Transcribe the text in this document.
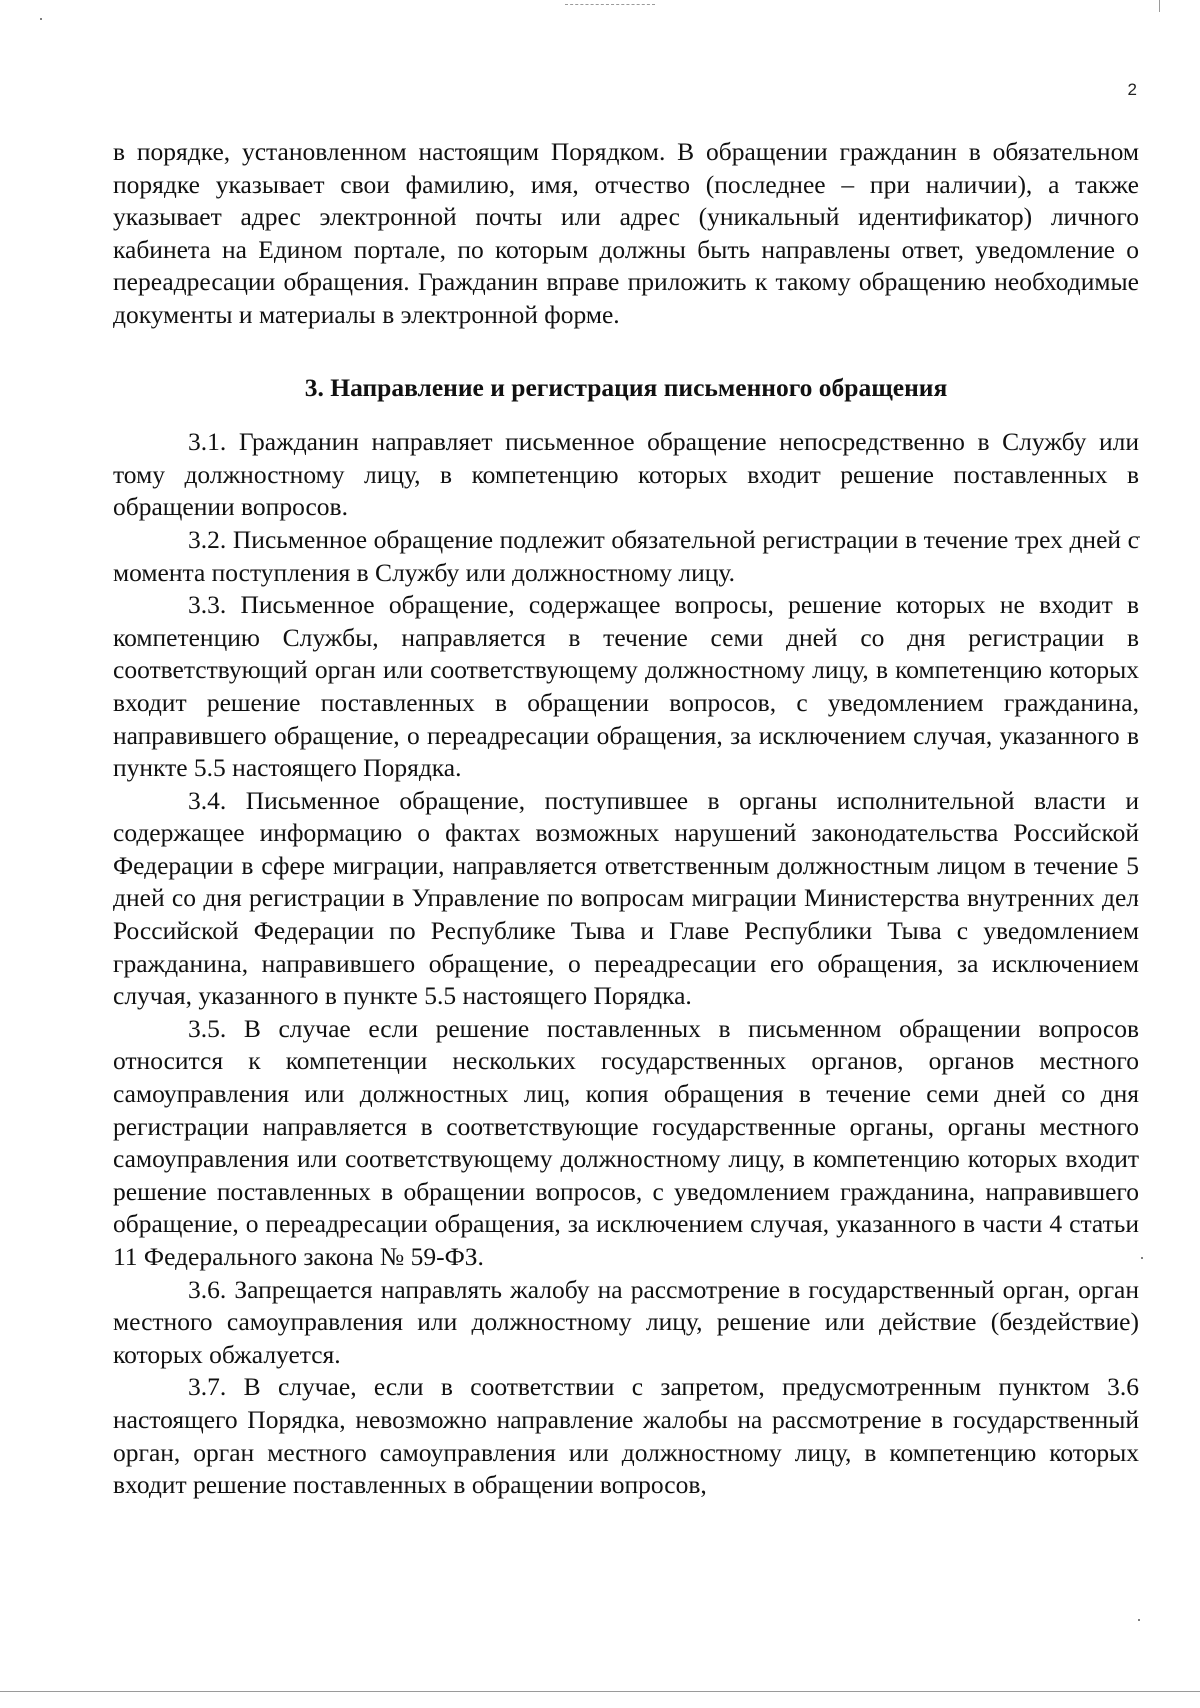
2

в порядке, установленном настоящим Порядком. В обращении гражданин в обязательном порядке указывает свои фамилию, имя, отчество (последнее – при наличии), а также указывает адрес электронной почты или адрес (уникальный идентификатор) личного кабинета на Едином портале, по которым должны быть направлены ответ, уведомление о переадресации обращения. Гражданин вправе приложить к такому обращению необходимые документы и материалы в электронной форме.

3. Направление и регистрация письменного обращения

3.1. Гражданин направляет письменное обращение непосредственно в Службу или тому должностному лицу, в компетенцию которых входит решение поставленных в обращении вопросов.

3.2. Письменное обращение подлежит обязательной регистрации в течение трех дней с момента поступления в Службу или должностному лицу.

3.3. Письменное обращение, содержащее вопросы, решение которых не входит в компетенцию Службы, направляется в течение семи дней со дня регистрации в соответствующий орган или соответствующему должностному лицу, в компетенцию которых входит решение поставленных в обращении вопросов, с уведомлением гражданина, направившего обращение, о переадресации обращения, за исключением случая, указанного в пункте 5.5 настоящего Порядка.

3.4. Письменное обращение, поступившее в органы исполнительной власти и содержащее информацию о фактах возможных нарушений законодательства Российской Федерации в сфере миграции, направляется ответственным должностным лицом в течение 5 дней со дня регистрации в Управление по вопросам миграции Министерства внутренних дел Российской Федерации по Республике Тыва и Главе Республики Тыва с уведомлением гражданина, направившего обращение, о переадресации его обращения, за исключением случая, указанного в пункте 5.5 настоящего Порядка.

3.5. В случае если решение поставленных в письменном обращении вопросов относится к компетенции нескольких государственных органов, органов местного самоуправления или должностных лиц, копия обращения в течение семи дней со дня регистрации направляется в соответствующие государственные органы, органы местного самоуправления или соответствующему должностному лицу, в компетенцию которых входит решение поставленных в обращении вопросов, с уведомлением гражданина, направившего обращение, о переадресации обращения, за исключением случая, указанного в части 4 статьи 11 Федерального закона № 59-ФЗ.

3.6. Запрещается направлять жалобу на рассмотрение в государственный орган, орган местного самоуправления или должностному лицу, решение или действие (бездействие) которых обжалуется.

3.7. В случае, если в соответствии с запретом, предусмотренным пунктом 3.6 настоящего Порядка, невозможно направление жалобы на рассмотрение в государственный орган, орган местного самоуправления или должностному лицу, в компетенцию которых входит решение поставленных в обращении вопросов,
